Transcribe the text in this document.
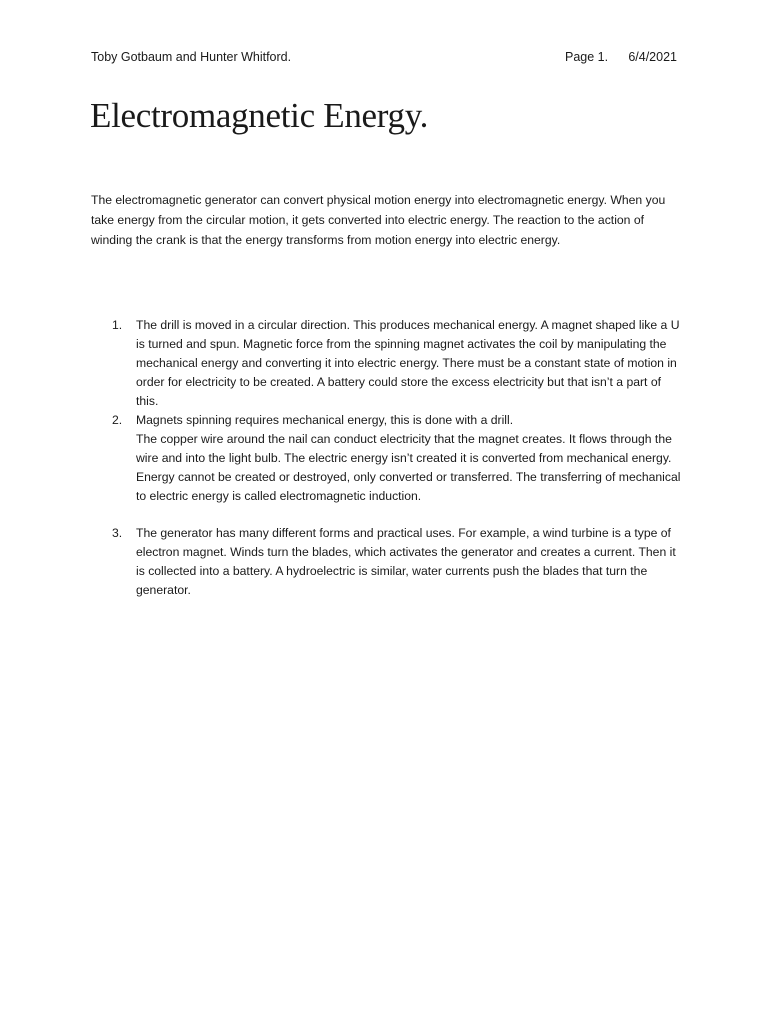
Toby Gotbaum and Hunter Whitford.	Page 1. 6/4/2021
Electromagnetic Energy.

The electromagnetic generator can convert physical motion energy into electromagnetic energy. When you take energy from the circular motion, it gets converted into electric energy. The reaction to the action of winding the crank is that the energy transforms from motion energy into electric energy.

1. The drill is moved in a circular direction. This produces mechanical energy. A magnet shaped like a U is turned and spun. Magnetic force from the spinning magnet activates the coil by manipulating the mechanical energy and converting it into electric energy. There must be a constant state of motion in order for electricity to be created. A battery could store the excess electricity but that isn’t a part of this.
2. Magnets spinning requires mechanical energy, this is done with a drill.
The copper wire around the nail can conduct electricity that the magnet creates. It flows through the wire and into the light bulb. The electric energy isn’t created it is converted from mechanical energy. Energy cannot be created or destroyed, only converted or transferred. The transferring of mechanical to electric energy is called electromagnetic induction.
3. The generator has many different forms and practical uses. For example, a wind turbine is a type of electron magnet. Winds turn the blades, which activates the generator and creates a current. Then it is collected into a battery. A hydroelectric is similar, water currents push the blades that turn the generator.
